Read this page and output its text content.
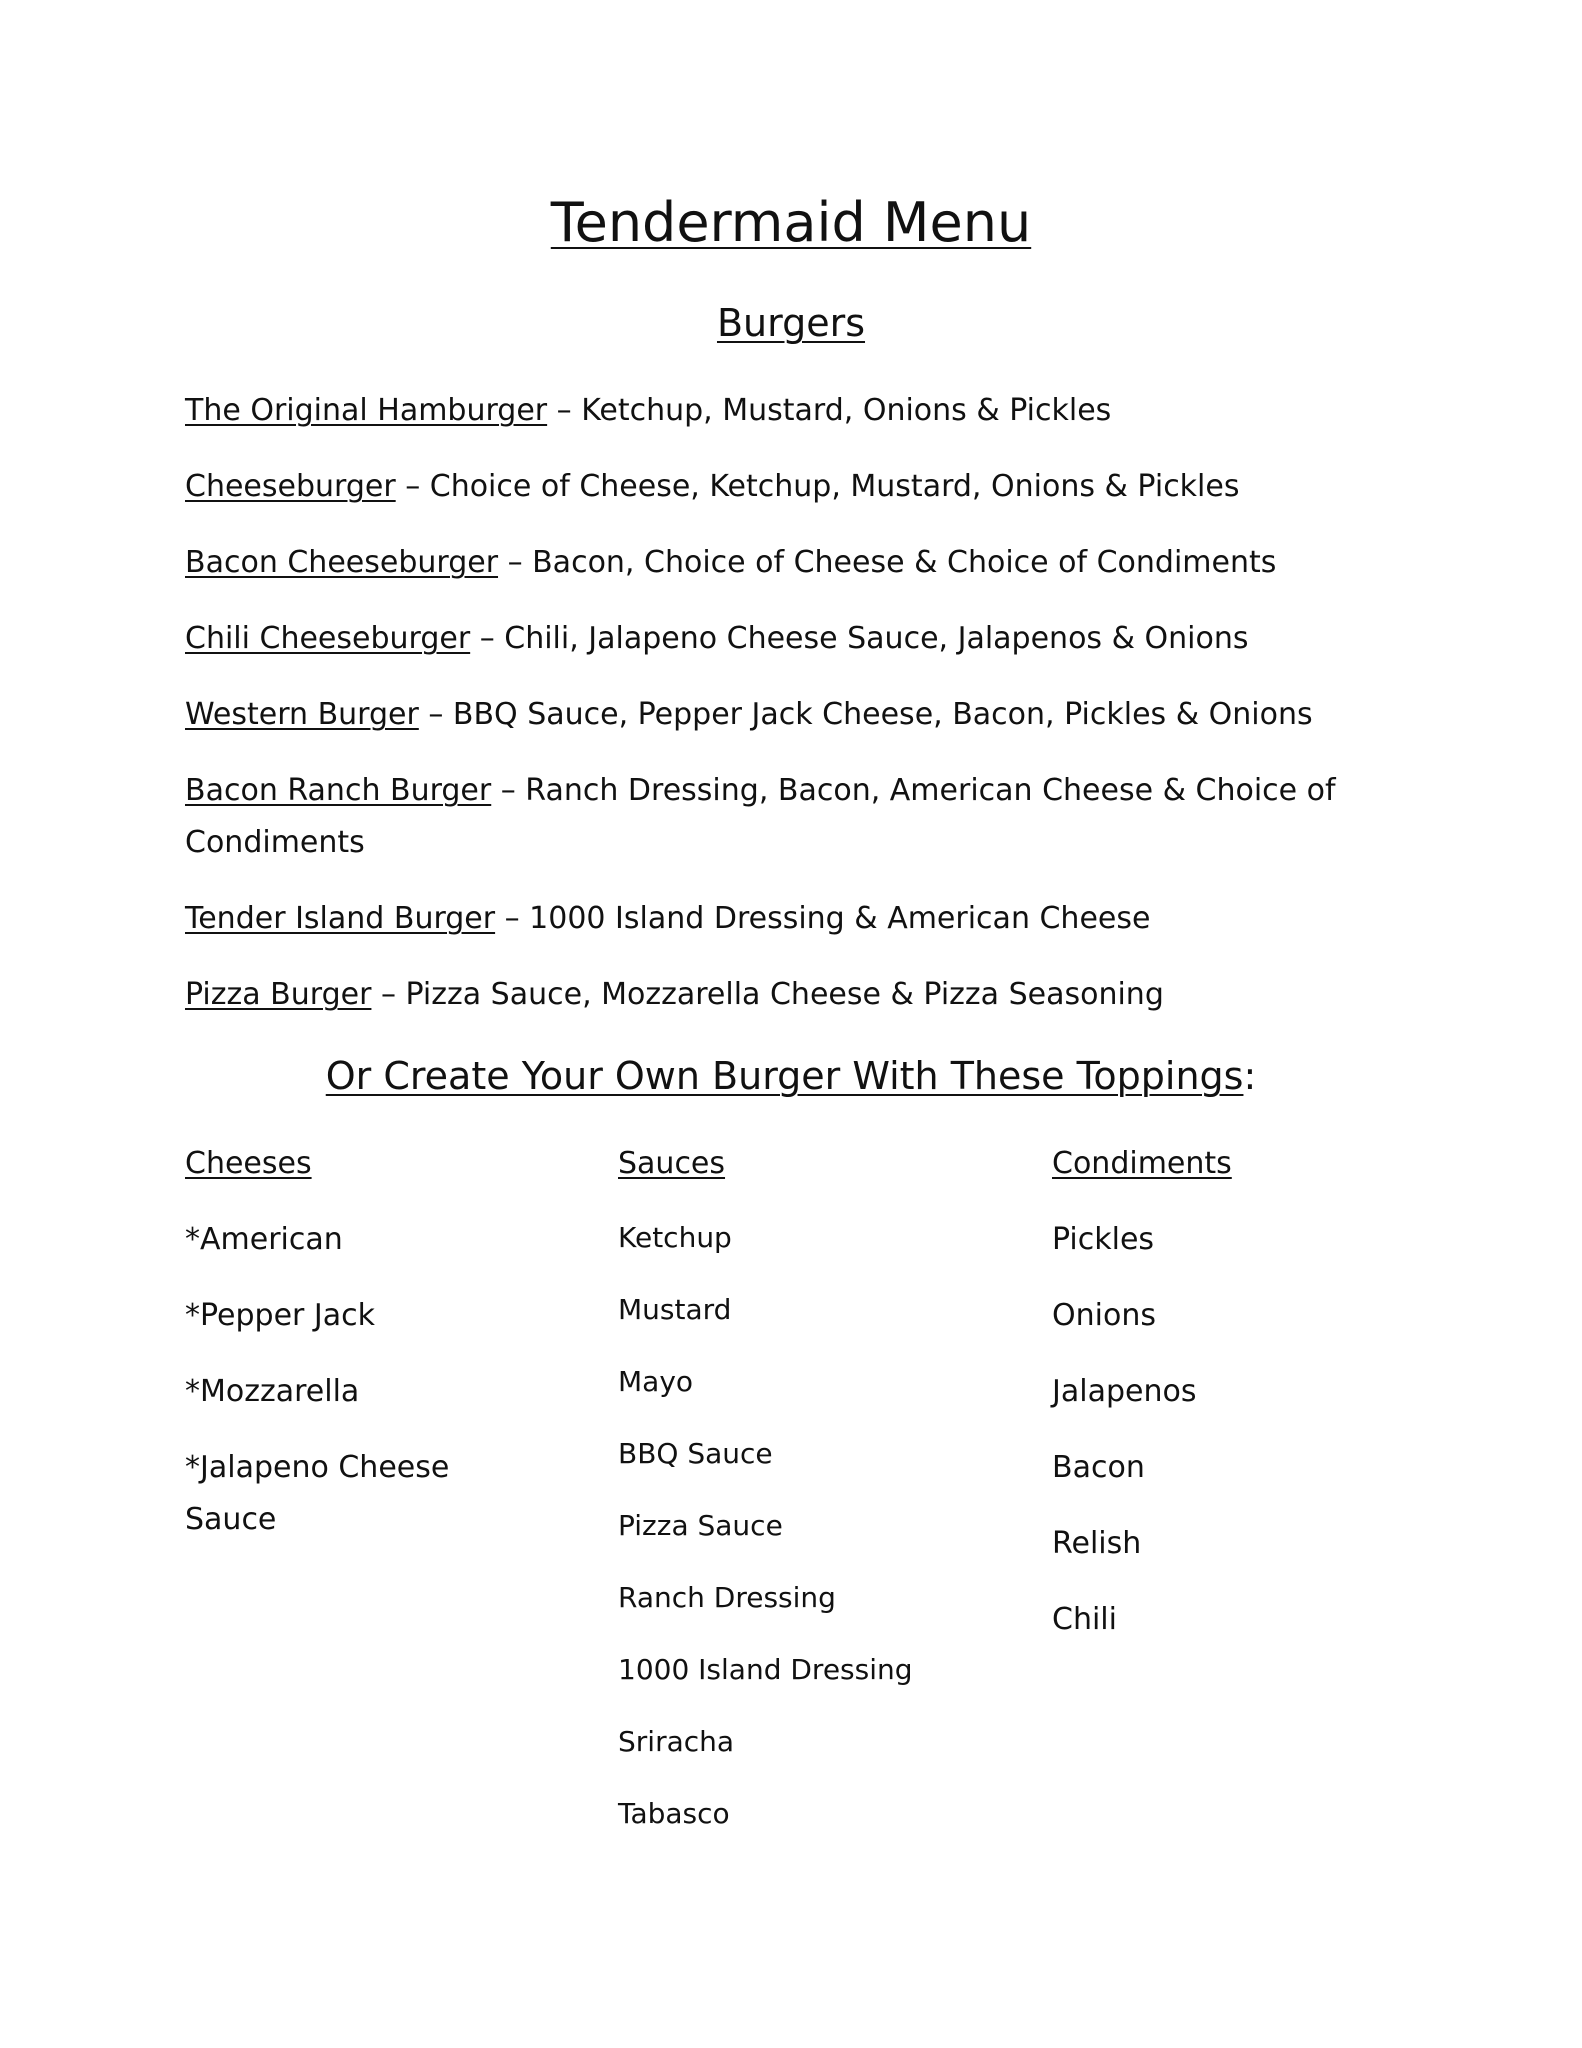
Tendermaid Menu
Burgers
The Original Hamburger – Ketchup, Mustard, Onions & Pickles
Cheeseburger – Choice of Cheese, Ketchup, Mustard, Onions & Pickles
Bacon Cheeseburger – Bacon, Choice of Cheese & Choice of Condiments
Chili Cheeseburger – Chili, Jalapeno Cheese Sauce, Jalapenos & Onions
Western Burger – BBQ Sauce, Pepper Jack Cheese, Bacon, Pickles & Onions
Bacon Ranch Burger – Ranch Dressing, Bacon, American Cheese & Choice of Condiments
Tender Island Burger – 1000 Island Dressing & American Cheese
Pizza Burger – Pizza Sauce, Mozzarella Cheese & Pizza Seasoning
Or Create Your Own Burger With These Toppings:
Cheeses
*American
*Pepper Jack
*Mozzarella
*Jalapeno Cheese Sauce
Sauces
Ketchup
Mustard
Mayo
BBQ Sauce
Pizza Sauce
Ranch Dressing
1000 Island Dressing
Sriracha
Tabasco
Condiments
Pickles
Onions
Jalapenos
Bacon
Relish
Chili
